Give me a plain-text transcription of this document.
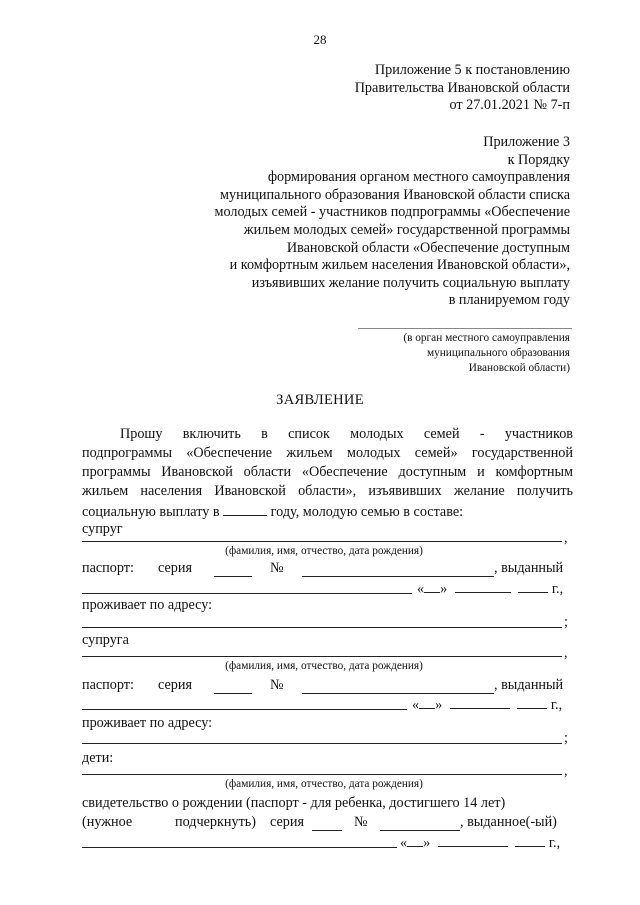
28
Приложение 5 к постановлению
Правительства Ивановской области
от 27.01.2021 № 7-п
Приложение 3
к Порядку
формирования органом местного самоуправления
муниципального образования Ивановской области списка
молодых семей - участников подпрограммы «Обеспечение
жильем молодых семей» государственной программы
Ивановской области «Обеспечение доступным
и комфортным жильем населения Ивановской области»,
изъявивших желание получить социальную выплату
в планируемом году
(в орган местного самоуправления
муниципального образования
Ивановской области)
ЗАЯВЛЕНИЕ
Прошу включить в список молодых семей - участников
подпрограммы «Обеспечение жильем молодых семей» государственной
программы Ивановской области «Обеспечение доступным и комфортным
жильем населения Ивановской области», изъявивших желание получить
социальную выплату в	году, молодую семью в составе:
супруг
,
(фамилия, имя, отчество, дата рождения)
паспорт: серия	№	, выданный
« »	г.,
проживает по адресу:
;
супруга
,
(фамилия, имя, отчество, дата рождения)
паспорт: серия	№	, выданный
« »	г.,
проживает по адресу:
;
дети:
,
(фамилия, имя, отчество, дата рождения)
свидетельство о рождении (паспорт - для ребенка, достигшего 14 лет)
(нужное подчеркнуть) серия	№	, выданное(-ый)
« »	г.,
